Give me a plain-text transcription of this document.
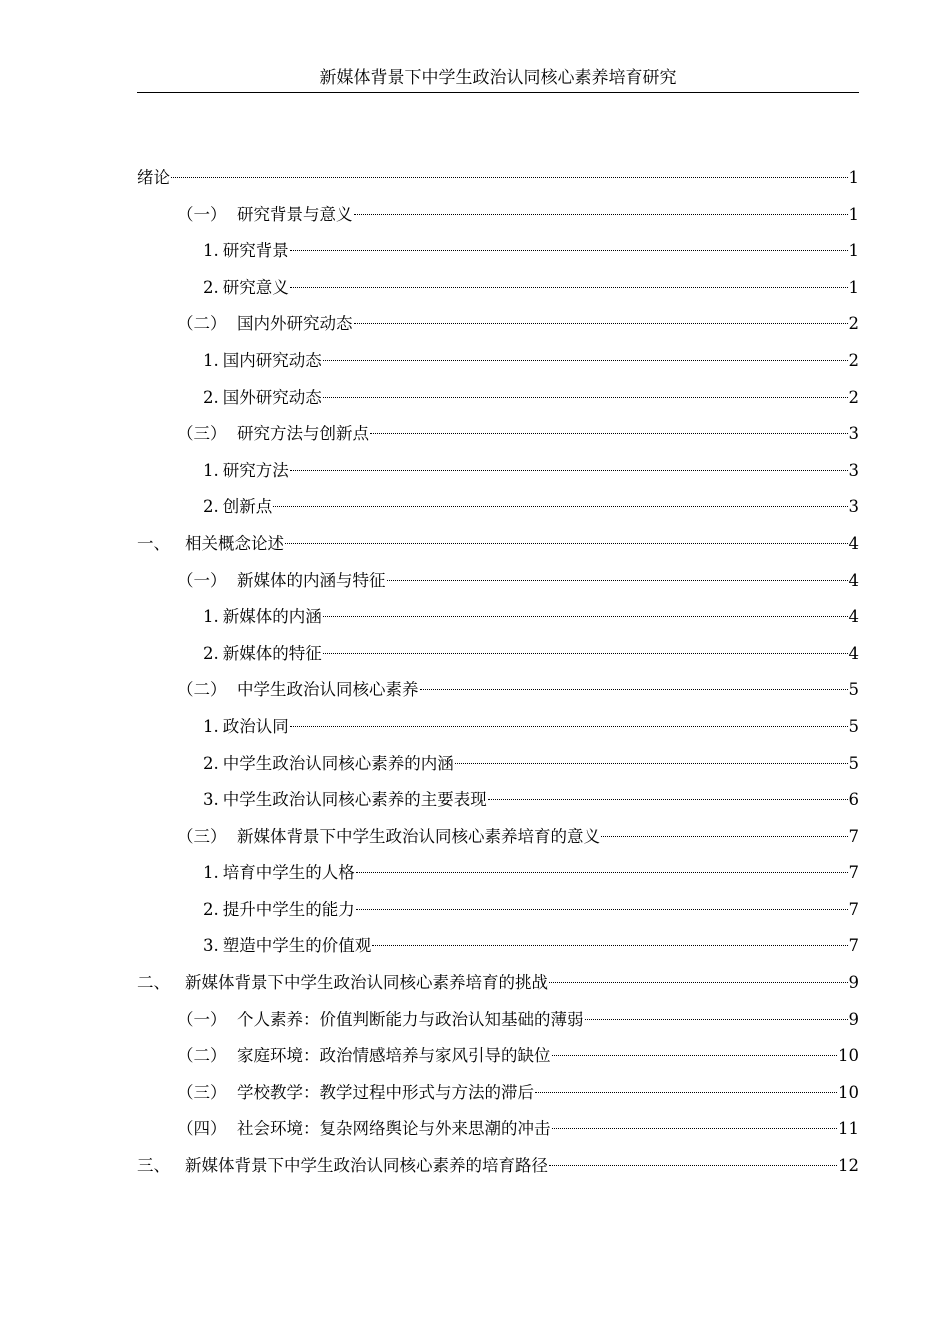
新媒体背景下中学生政治认同核心素养培育研究
绪论	1
（一） 研究背景与意义	1
1. 研究背景	1
2. 研究意义	1
（二） 国内外研究动态	2
1. 国内研究动态	2
2. 国外研究动态	2
（三） 研究方法与创新点	3
1. 研究方法	3
2. 创新点	3
一、 相关概念论述	4
（一） 新媒体的内涵与特征	4
1. 新媒体的内涵	4
2. 新媒体的特征	4
（二） 中学生政治认同核心素养	5
1. 政治认同	5
2. 中学生政治认同核心素养的内涵	5
3. 中学生政治认同核心素养的主要表现	6
（三） 新媒体背景下中学生政治认同核心素养培育的意义	7
1. 培育中学生的人格	7
2. 提升中学生的能力	7
3. 塑造中学生的价值观	7
二、 新媒体背景下中学生政治认同核心素养培育的挑战	9
（一） 个人素养：价值判断能力与政治认知基础的薄弱	9
（二） 家庭环境：政治情感培养与家风引导的缺位	10
（三） 学校教学：教学过程中形式与方法的滞后	10
（四） 社会环境：复杂网络舆论与外来思潮的冲击	11
三、 新媒体背景下中学生政治认同核心素养的培育路径	12
